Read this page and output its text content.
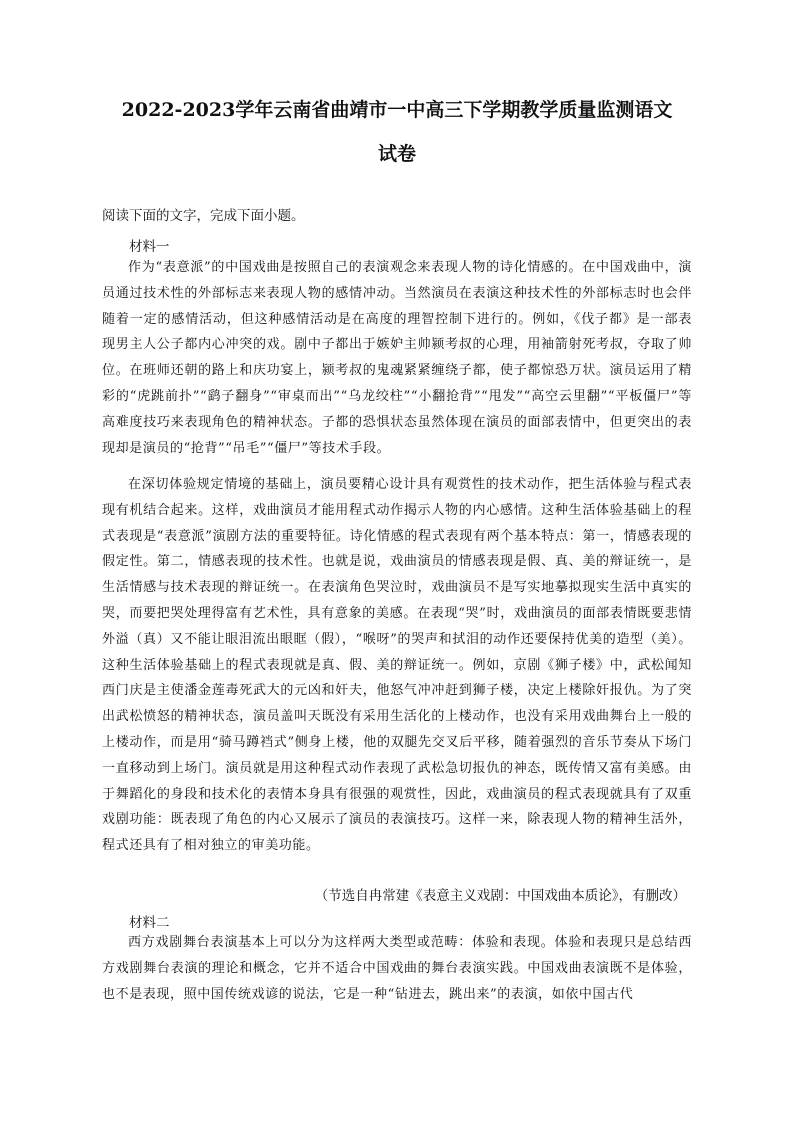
2022-2023学年云南省曲靖市一中高三下学期教学质量监测语文
试卷
阅读下面的文字，完成下面小题。
材料一

作为“表意派”的中国戏曲是按照自己的表演观念来表现人物的诗化情感的。在中国戏曲中，演员通过技术性的外部标志来表现人物的感情冲动。当然演员在表演这种技术性的外部标志时也会伴随着一定的感情活动，但这种感情活动是在高度的理智控制下进行的。例如，《伐子都》是一部表现男主人公子都内心冲突的戏。剧中子都出于嫉妒主帅颍考叔的心理，用袖箭射死考叔，夺取了帅位。在班师还朝的路上和庆功宴上，颍考叔的鬼魂紧紧缠绕子都，使子都惊恐万状。演员运用了精彩的“虎跳前扑”“鹞子翻身”“审桌而出”“乌龙绞柱”“小翻抢背”“甩发”“高空云里翻”“平板僵尸”等高难度技巧来表现角色的精神状态。子都的恐惧状态虽然体现在演员的面部表情中，但更突出的表现却是演员的“抢背”“吊毛”“僵尸”等技术手段。

在深切体验规定情境的基础上，演员要精心设计具有观赏性的技术动作，把生活体验与程式表现有机结合起来。这样，戏曲演员才能用程式动作揭示人物的内心感情。这种生活体验基础上的程式表现是“表意派”演剧方法的重要特征。诗化情感的程式表现有两个基本特点：第一，情感表现的假定性。第二，情感表现的技术性。也就是说，戏曲演员的情感表现是假、真、美的辩证统一，是生活情感与技术表现的辩证统一。在表演角色哭泣时，戏曲演员不是写实地摹拟现实生活中真实的哭，而要把哭处理得富有艺术性，具有意象的美感。在表现“哭”时，戏曲演员的面部表情既要悲情外溢（真）又不能让眼泪流出眼眶（假），“喉呀”的哭声和拭泪的动作还要保持优美的造型（美）。这种生活体验基础上的程式表现就是真、假、美的辩证统一。例如，京剧《狮子楼》中，武松闻知西门庆是主使潘金莲毒死武大的元凶和奸夫，他怒气冲冲赶到狮子楼，决定上楼除奸报仇。为了突出武松愤怒的精神状态，演员盖叫天既没有采用生活化的上楼动作，也没有采用戏曲舞台上一般的上楼动作，而是用“骑马蹲裆式”侧身上楼，他的双腿先交叉后平移，随着强烈的音乐节奏从下场门一直移动到上场门。演员就是用这种程式动作表现了武松急切报仇的神态，既传情又富有美感。由于舞蹈化的身段和技术化的表情本身具有很强的观赏性，因此，戏曲演员的程式表现就具有了双重戏剧功能：既表现了角色的内心又展示了演员的表演技巧。这样一来，除表现人物的精神生活外，程式还具有了相对独立的审美功能。

（节选自冉常建《表意主义戏剧：中国戏曲本质论》，有删改）
材料二

西方戏剧舞台表演基本上可以分为这样两大类型或范畴：体验和表现。体验和表现只是总结西方戏剧舞台表演的理论和概念，它并不适合中国戏曲的舞台表演实践。中国戏曲表演既不是体验，也不是表现，照中国传统戏谚的说法，它是一种“钻进去，跳出来”的表演，如依中国古代
